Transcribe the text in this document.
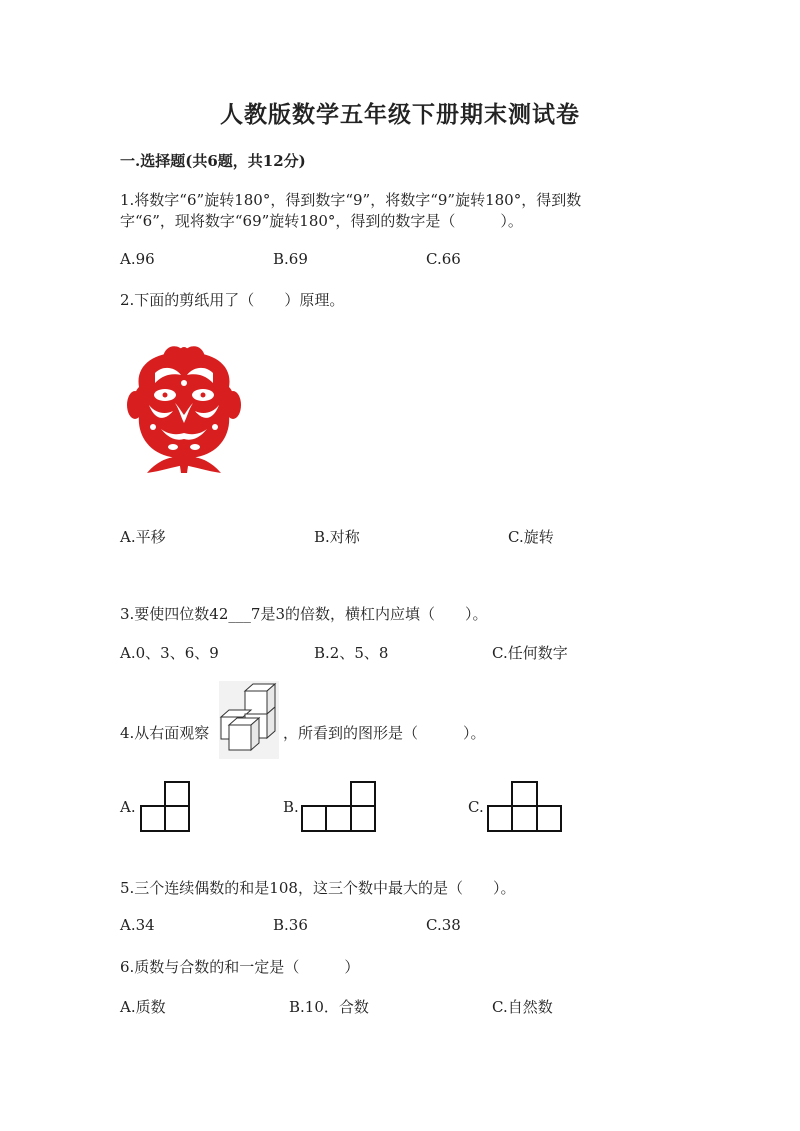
人教版数学五年级下册期末测试卷
一.选择题(共6题，共12分)
1.将数字“6”旋转180°，得到数字“9”，将数字“9”旋转180°，得到数
字“6”，现将数字“69”旋转180°，得到的数字是（　　　）。
A.96	B.69	C.66
2.下面的剪纸用了（　　）原理。
A.平移	B.对称	C.旋转
3.要使四位数42___7是3的倍数，横杠内应填（　　）。
A.0、3、6、9	B.2、5、8	C.任何数字
4.从右面观察	，所看到的图形是（　　　）。
A.	B.	C.
5.三个连续偶数的和是108，这三个数中最大的是（　　）。
A.34	B.36	C.38
6.质数与合数的和一定是（　　　）
A.质数	B.10．合数	C.自然数
